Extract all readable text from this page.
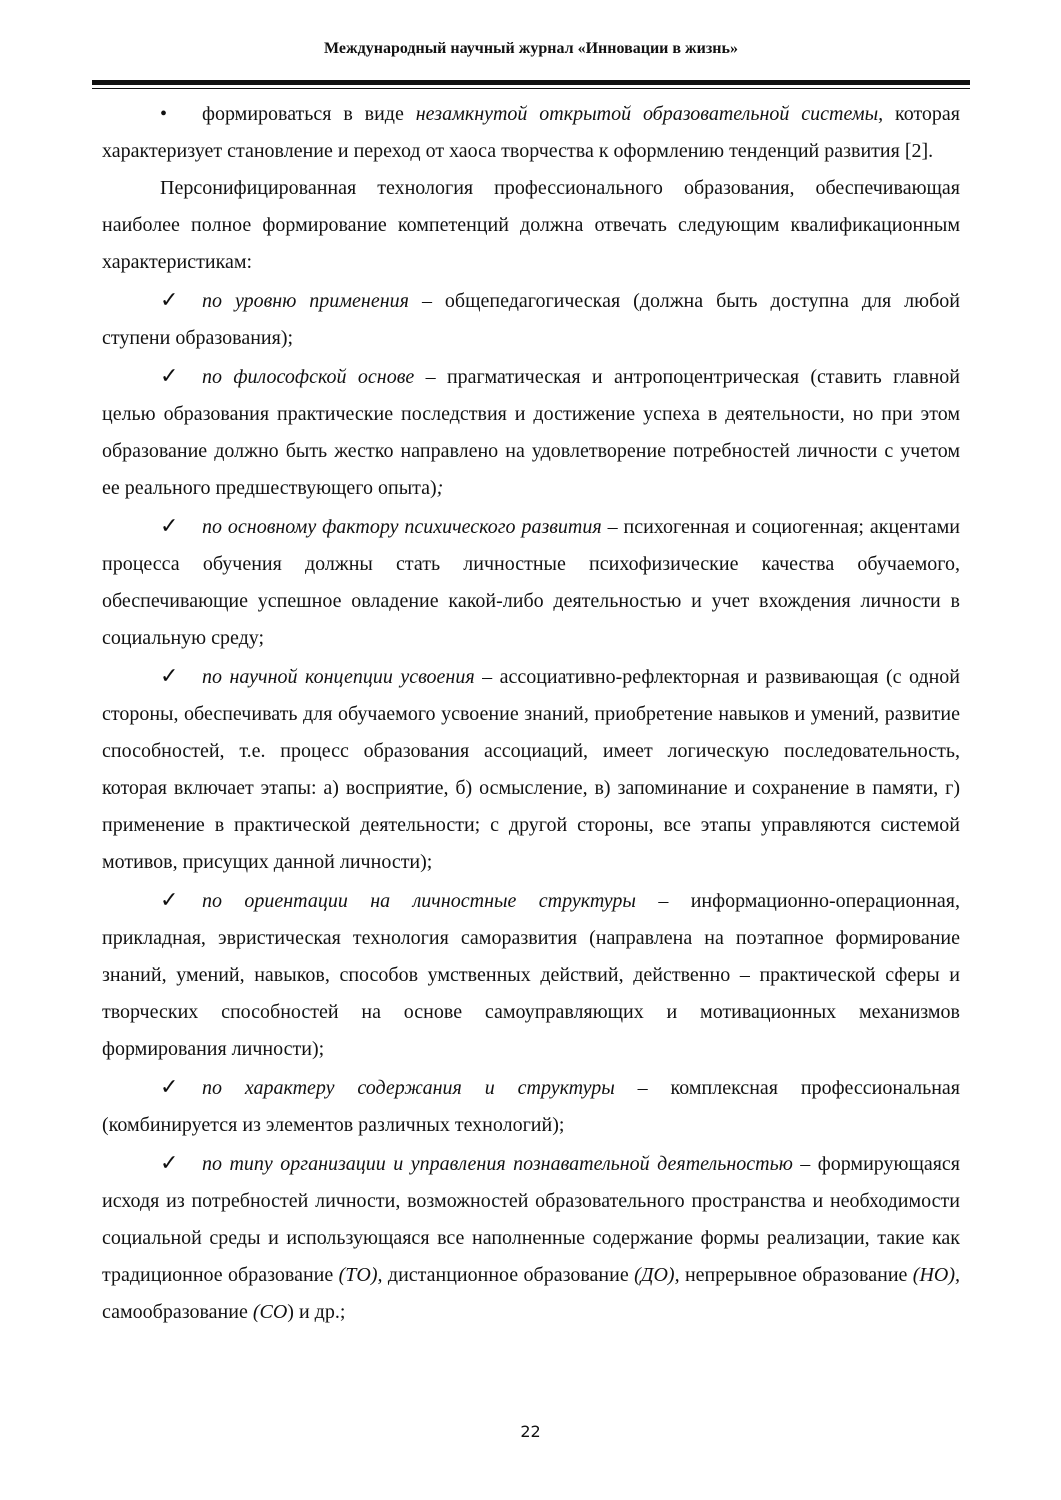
Международный научный журнал «Инновации в жизнь»

• формироваться в виде незамкнутой открытой образовательной системы, которая характеризует становление и переход от хаоса творчества к оформлению тенденций развития [2].

Персонифицированная технология профессионального образования, обеспечивающая наиболее полное формирование компетенций должна отвечать следующим квалификационным характеристикам:

✓ по уровню применения – общепедагогическая (должна быть доступна для любой ступени образования);

✓ по философской основе – прагматическая и антропоцентрическая (ставить главной целью образования практические последствия и достижение успеха в деятельности, но при этом образование должно быть жестко направлено на удовлетворение потребностей личности с учетом ее реального предшествующего опыта);

✓ по основному фактору психического развития – психогенная и социогенная; акцентами процесса обучения должны стать личностные психофизические качества обучаемого, обеспечивающие успешное овладение какой-либо деятельностью и учет вхождения личности в социальную среду;

✓ по научной концепции усвоения – ассоциативно-рефлекторная и развивающая (с одной стороны, обеспечивать для обучаемого усвоение знаний, приобретение навыков и умений, развитие способностей, т.е. процесс образования ассоциаций, имеет логическую последовательность, которая включает этапы: а) восприятие, б) осмысление, в) запоминание и сохранение в памяти, г) применение в практической деятельности; с другой стороны, все этапы управляются системой мотивов, присущих данной личности);

✓ по ориентации на личностные структуры – информационно-операционная, прикладная, эвристическая технология саморазвития (направлена на поэтапное формирование знаний, умений, навыков, способов умственных действий, действенно – практической сферы и творческих способностей на основе самоуправляющих и мотивационных механизмов формирования личности);

✓ по характеру содержания и структуры – комплексная профессиональная (комбинируется из элементов различных технологий);

✓ по типу организации и управления познавательной деятельностью – формирующаяся исходя из потребностей личности, возможностей образовательного пространства и необходимости социальной среды и использующаяся все наполненные содержание формы реализации, такие как традиционное образование (ТО), дистанционное образование (ДО), непрерывное образование (НО), самообразование (СО) и др.;

22
